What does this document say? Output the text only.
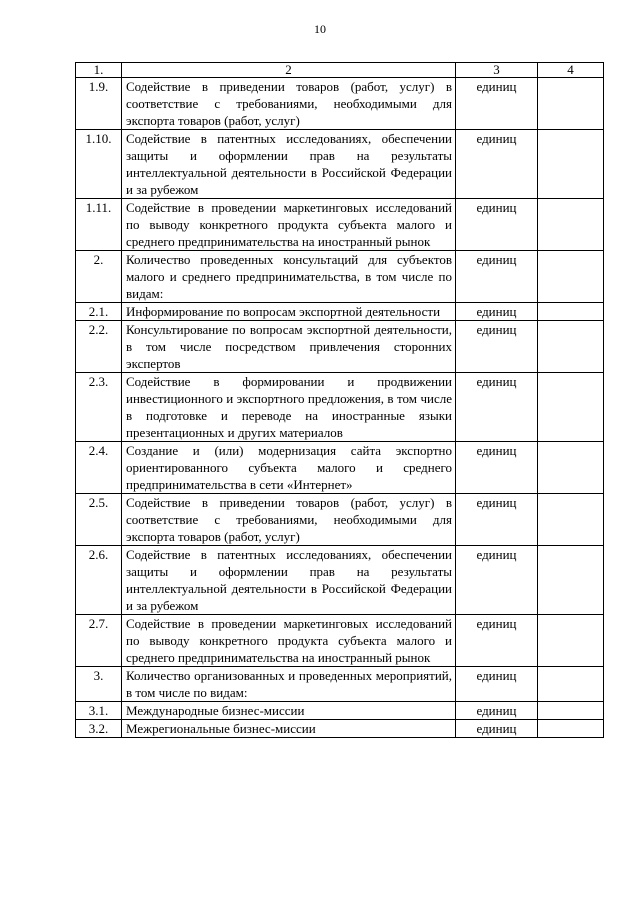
10
1.	2	3	4
1.9.	Содействие в приведении товаров (работ, услуг) в соответствие с требованиями, необходимыми для экспорта товаров (работ, услуг)	единиц	
1.10.	Содействие в патентных исследованиях, обеспечении защиты и оформлении прав на результаты интеллектуальной деятельности в Российской Федерации и за рубежом	единиц	
1.11.	Содействие в проведении маркетинговых исследований по выводу конкретного продукта субъекта малого и среднего предпринимательства на иностранный рынок	единиц	
2.	Количество проведенных консультаций для субъектов малого и среднего предпринимательства, в том числе по видам:	единиц	
2.1.	Информирование по вопросам экспортной деятельности	единиц	
2.2.	Консультирование по вопросам экспортной деятельности, в том числе посредством привлечения сторонних экспертов	единиц	
2.3.	Содействие в формировании и продвижении инвестиционного и экспортного предложения, в том числе в подготовке и переводе на иностранные языки презентационных и других материалов	единиц	
2.4.	Создание и (или) модернизация сайта экспортно ориентированного субъекта малого и среднего предпринимательства в сети «Интернет»	единиц	
2.5.	Содействие в приведении товаров (работ, услуг) в соответствие с требованиями, необходимыми для экспорта товаров (работ, услуг)	единиц	
2.6.	Содействие в патентных исследованиях, обеспечении защиты и оформлении прав на результаты интеллектуальной деятельности в Российской Федерации и за рубежом	единиц	
2.7.	Содействие в проведении маркетинговых исследований по выводу конкретного продукта субъекта малого и среднего предпринимательства на иностранный рынок	единиц	
3.	Количество организованных и проведенных мероприятий, в том числе по видам:	единиц	
3.1.	Международные бизнес-миссии	единиц	
3.2.	Межрегиональные бизнес-миссии	единиц	
